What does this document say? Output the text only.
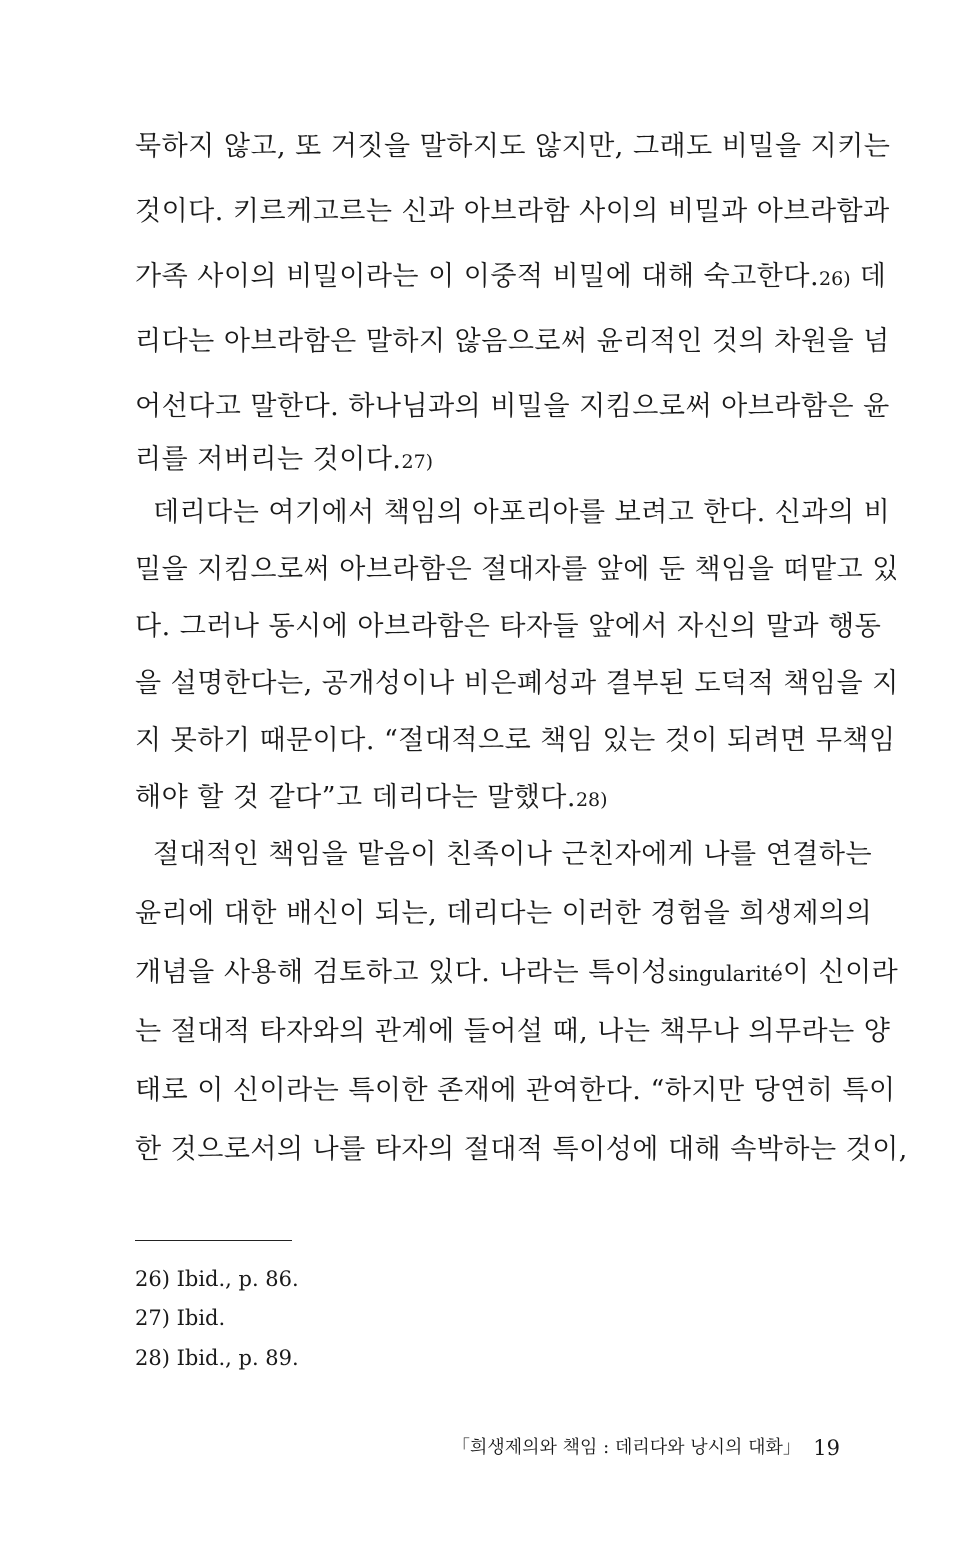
묵하지 않고, 또 거짓을 말하지도 않지만, 그래도 비밀을 지키는
것이다. 키르케고르는 신과 아브라함 사이의 비밀과 아브라함과
가족 사이의 비밀이라는 이 이중적 비밀에 대해 숙고한다.26) 데
리다는 아브라함은 말하지 않음으로써 윤리적인 것의 차원을 넘
어선다고 말한다. 하나님과의 비밀을 지킴으로써 아브라함은 윤
리를 저버리는 것이다.27)
데리다는 여기에서 책임의 아포리아를 보려고 한다. 신과의 비
밀을 지킴으로써 아브라함은 절대자를 앞에 둔 책임을 떠맡고 있
다. 그러나 동시에 아브라함은 타자들 앞에서 자신의 말과 행동
을 설명한다는, 공개성이나 비은폐성과 결부된 도덕적 책임을 지
지 못하기 때문이다. “절대적으로 책임 있는 것이 되려면 무책임
해야 할 것 같다”고 데리다는 말했다.28)
절대적인 책임을 맡음이 친족이나 근친자에게 나를 연결하는
윤리에 대한 배신이 되는, 데리다는 이러한 경험을 희생제의의
개념을 사용해 검토하고 있다. 나라는 특이성singularité이 신이라
는 절대적 타자와의 관계에 들어설 때, 나는 책무나 의무라는 양
태로 이 신이라는 특이한 존재에 관여한다. “하지만 당연히 특이
한 것으로서의 나를 타자의 절대적 특이성에 대해 속박하는 것이,
26) Ibid., p. 86.
27) Ibid.
28) Ibid., p. 89.
「희생제의와 책임 : 데리다와 낭시의 대화」 19
